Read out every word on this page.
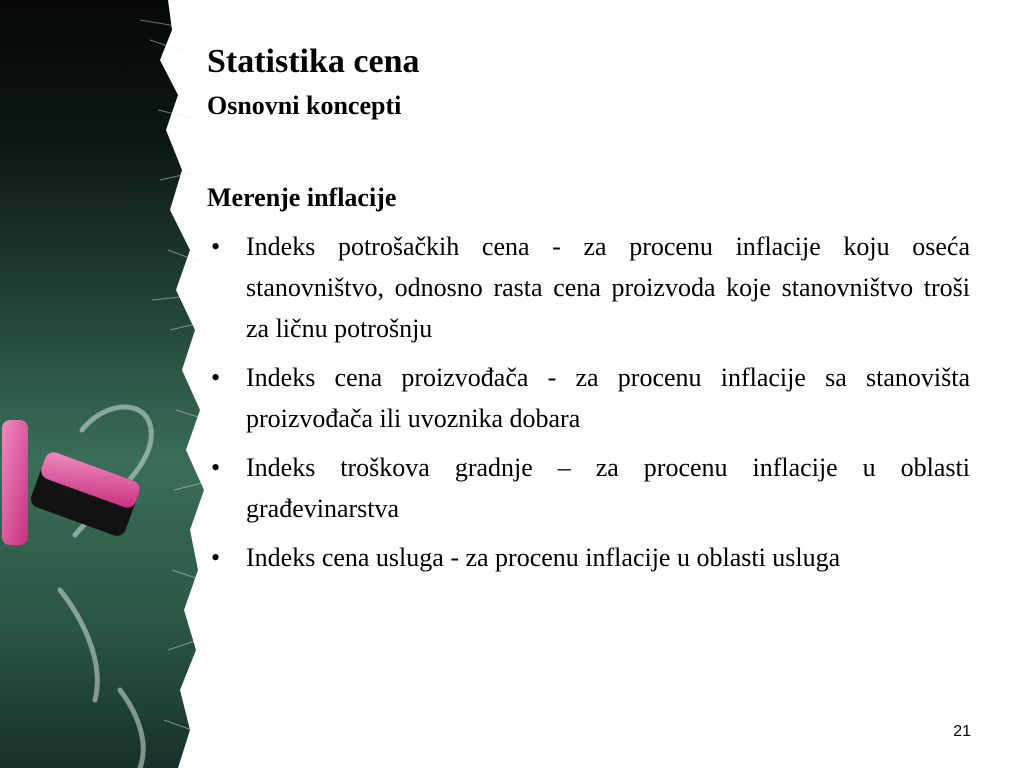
Statistika cena
Osnovni koncepti
Merenje inflacije
• Indeks potrošačkih cena - za procenu inflacije koju oseća stanovništvo, odnosno rasta cena proizvoda koje stanovništvo troši za ličnu potrošnju
• Indeks cena proizvođača - za procenu inflacije sa stanovišta proizvođača ili uvoznika dobara
• Indeks troškova gradnje – za procenu inflacije u oblasti građevinarstva
• Indeks cena usluga - za procenu inflacije u oblasti usluga
21
